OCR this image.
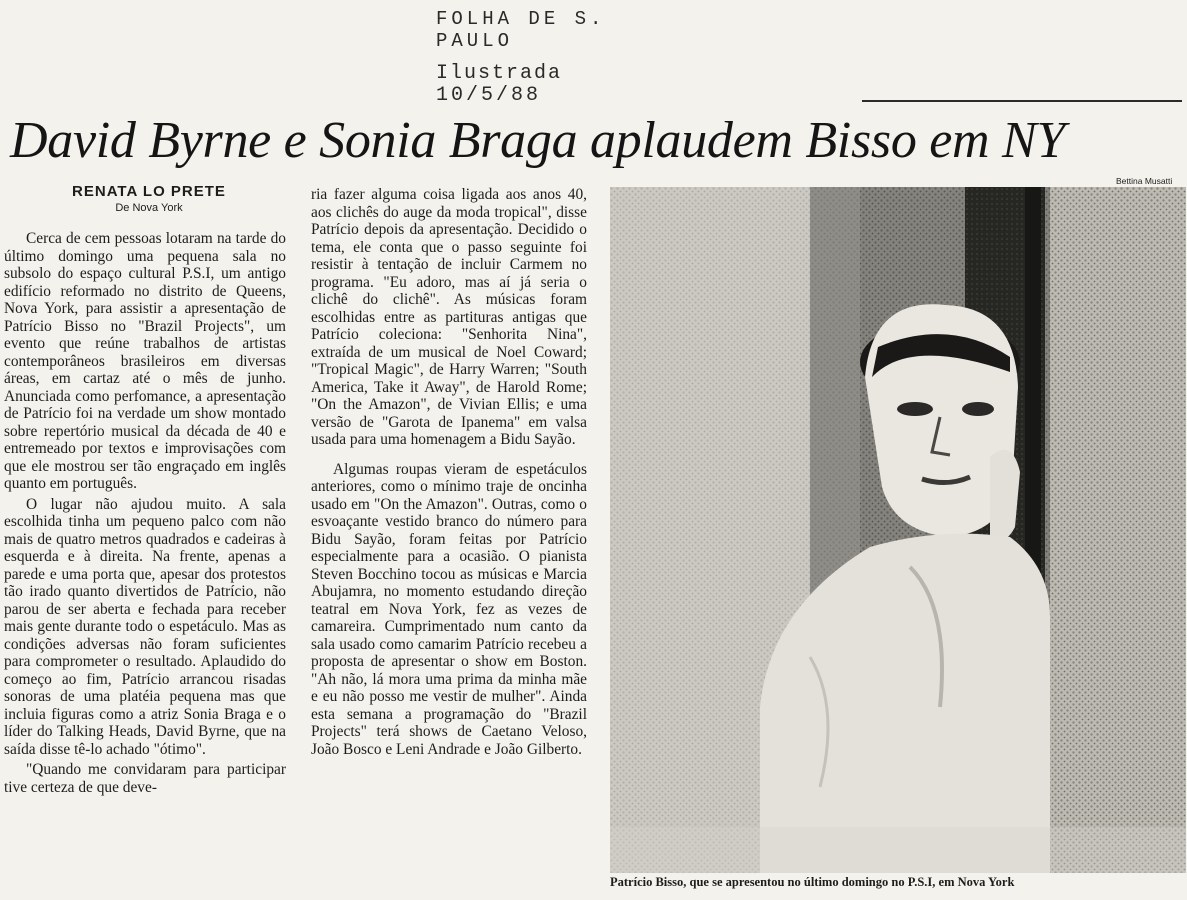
FOLHA DE S. PAULO
Ilustrada
10/5/88
David Byrne e Sonia Braga aplaudem Bisso em NY
RENATA LO PRETE
De Nova York

Cerca de cem pessoas lotaram na tarde do último domingo uma pequena sala no subsolo do espaço cultural P.S.I, um antigo edifício reformado no distrito de Queens, Nova York, para assistir a apresentação de Patrício Bisso no "Brazil Projects", um evento que reúne trabalhos de artistas contemporâneos brasileiros em diversas áreas, em cartaz até o mês de junho. Anunciada como perfomance, a apresentação de Patrício foi na verdade um show montado sobre repertório musical da década de 40 e entremeado por textos e improvisações com que ele mostrou ser tão engraçado em inglês quanto em português.

O lugar não ajudou muito. A sala escolhida tinha um pequeno palco com não mais de quatro metros quadrados e cadeiras à esquerda e à direita. Na frente, apenas a parede e uma porta que, apesar dos protestos tão irado quanto divertidos de Patrício, não parou de ser aberta e fechada para receber mais gente durante todo o espetáculo. Mas as condições adversas não foram suficientes para comprometer o resultado. Aplaudido do começo ao fim, Patrício arrancou risadas sonoras de uma platéia pequena mas que incluia figuras como a atriz Sonia Braga e o líder do Talking Heads, David Byrne, que na saída disse tê-lo achado "ótimo".

"Quando me convidaram para participar tive certeza de que deve-

ria fazer alguma coisa ligada aos anos 40, aos clichês do auge da moda tropical", disse Patrício depois da apresentação. Decidido o tema, ele conta que o passo seguinte foi resistir à tentação de incluir Carmem no programa. "Eu adoro, mas aí já seria o clichê do clichê". As músicas foram escolhidas entre as partituras antigas que Patrício coleciona: "Senhorita Nina", extraída de um musical de Noel Coward; "Tropical Magic", de Harry Warren; "South America, Take it Away", de Harold Rome; "On the Amazon", de Vivian Ellis; e uma versão de "Garota de Ipanema" em valsa usada para uma homenagem a Bidu Sayão.

Algumas roupas vieram de espetáculos anteriores, como o mínimo traje de oncinha usado em "On the Amazon". Outras, como o esvoaçante vestido branco do número para Bidu Sayão, foram feitas por Patrício especialmente para a ocasião. O pianista Steven Bocchino tocou as músicas e Marcia Abujamra, no momento estudando direção teatral em Nova York, fez as vezes de camareira. Cumprimentado num canto da sala usado como camarim Patrício recebeu a proposta de apresentar o show em Boston. "Ah não, lá mora uma prima da minha mãe e eu não posso me vestir de mulher". Ainda esta semana a programação do "Brazil Projects" terá shows de Caetano Veloso, João Bosco e Leni Andrade e João Gilberto.

Bettina Musatti
Patrício Bisso, que se apresentou no último domingo no P.S.I, em Nova York
